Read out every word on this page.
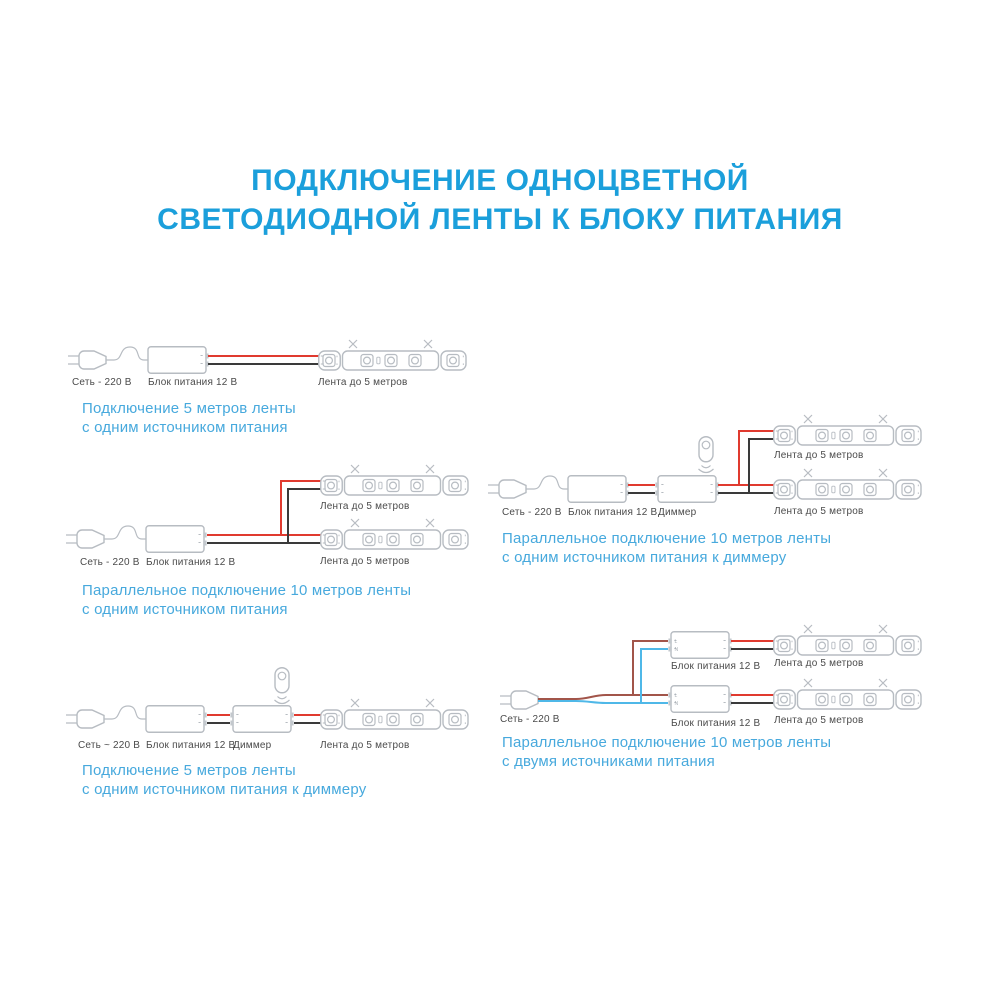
ПОДКЛЮЧЕНИЕ ОДНОЦВЕТНОЙ
СВЕТОДИОДНОЙ ЛЕНТЫ К БЛОКУ ПИТАНИЯ
Сеть - 220 В Блок питания 12 В	Лента до 5 метров
Подключение 5 метров ленты
с одним источником питания
Лента до 5 метров
Сеть - 220 В Блок питания 12 В	Лента до 5 метров
Параллельное подключение 10 метров ленты
с одним источником питания
Сеть ~ 220 В Блок питания 12 В
Диммер	Лента до 5 метров
Подключение 5 метров ленты
с одним источником питания к диммеру
Лента до 5 метров
Сеть - 220 В Блок питания 12 В Диммер	Лента до 5 метров
Параллельное подключение 10 метров ленты
с одним источником питания к диммеру
L
N
L
N
Лента до 5 метров
Блок питания 12 В
Сеть - 220 В	Лента до 5 метров
Блок питания 12 В
Параллельное подключение 10 метров ленты
с двумя источниками питания
